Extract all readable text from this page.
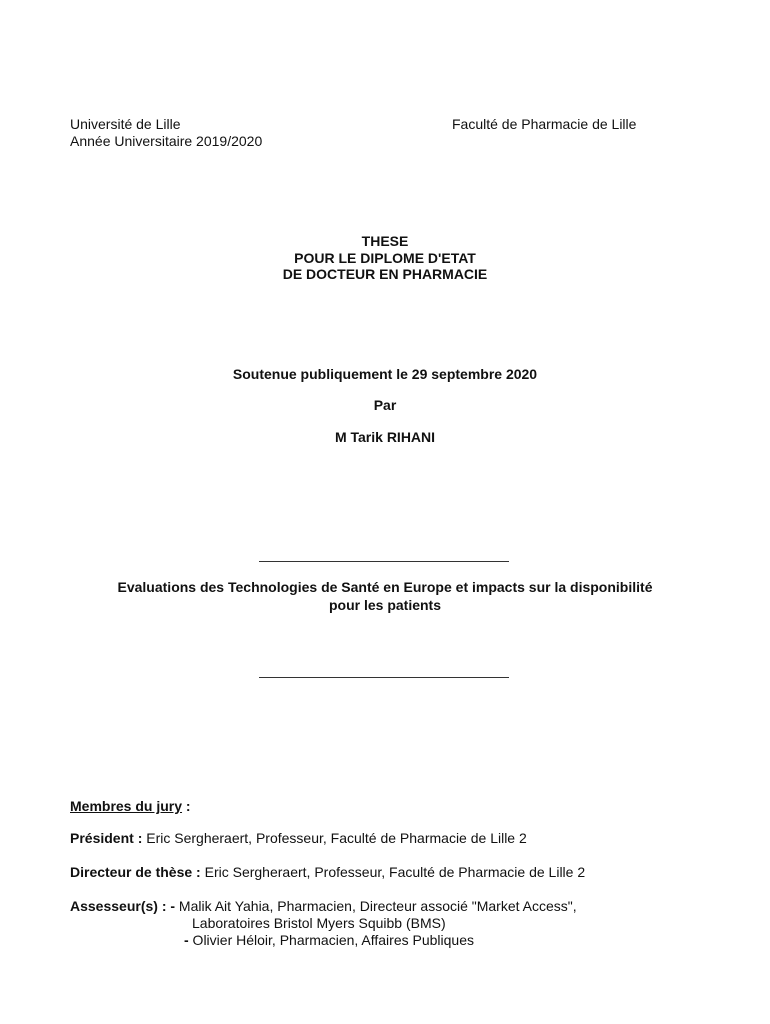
Université de Lille
Année Universitaire 2019/2020
Faculté de Pharmacie de Lille
THESE
POUR LE DIPLOME D'ETAT
DE DOCTEUR EN PHARMACIE
Soutenue publiquement le 29 septembre 2020
Par
M Tarik RIHANI
Evaluations des Technologies de Santé en Europe et impacts sur la disponibilité
pour les patients
Membres du jury :
Président : Eric Sergheraert, Professeur, Faculté de Pharmacie de Lille 2
Directeur de thèse : Eric Sergheraert, Professeur, Faculté de Pharmacie de Lille 2
Assesseur(s) : - Malik Ait Yahia, Pharmacien, Directeur associé "Market Access",
Laboratoires Bristol Myers Squibb (BMS)
- Olivier Héloir, Pharmacien, Affaires Publiques
